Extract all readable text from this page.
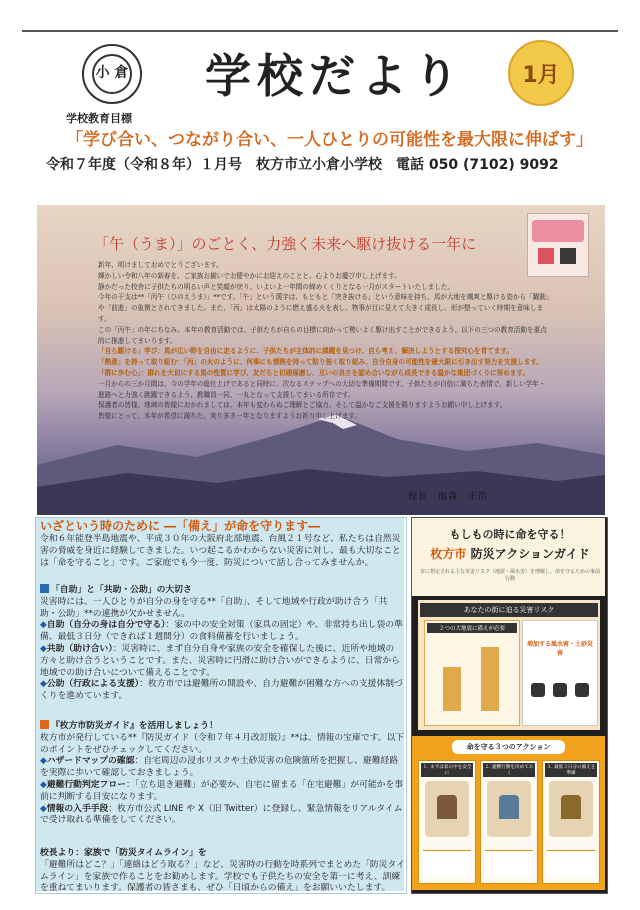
小 倉	学校だより	1月
学校教育目標
「学び合い、つながり合い、一人ひとりの可能性を最大限に伸ばす」
令和７年度（令和８年）１月号　枚方市立小倉小学校　電話 050 (7102) 9092
「午（うま）」のごとく、力強く未来へ駆け抜ける一年に

新年、明けましておめでとうございます。

輝かしい令和八年の新春を、ご家族お揃いでお健やかにお迎えのことと、心よりお慶び申し上げます。

静かだった校舎に子供たちの明るい声と笑顔が戻り、いよいよ一年間の締めくくりとなる一月がスタートいたしました。

今年の干支は**「丙午（ひのえうま）」**です。「午」という漢字は、もともと「突き抜ける」という意味を持ち、馬が大地を颯爽と駆ける姿から「躍動」や「前進」の象徴とされてきました。また、「丙」は太陽のように燃え盛る火を表し、物事が目に見えて大きく成長し、形が整っていく時期を意味します。

この「丙午」の年にちなみ、本年の教育活動では、子供たちが自らの目標に向かって勢いよく駆け出すことができるよう、以下の三つの教育活動を重点的に推進してまいります。

「自ら駆ける」学び：馬が広い野を自由に走るように、子供たちが主体的に課題を見つけ、自ら考え、解決しようとする探究心を育てます。

「熱意」を持って取り組む：「丙」の火のように、何事にも情熱を持って粘り強く取り組み、自分自身の可能性を最大限に引き出す努力を支援します。

「群に歩む心」：群れを大切にする馬の性質に学び、友だちと切磋琢磨し、互いの良さを認め合いながら成長できる温かな集団づくりに努めます。

一月からの三か月間は、今の学年の総仕上げであると同時に、次なるステップへの大切な準備期間です。子供たちが自信に満ちた表情で、新しい学年・進路へと力強く跳躍できるよう、教職員一同、一丸となって支援してまいる所存です。

保護者の皆様、地域の皆様におかれましては、本年も変わらぬご理解とご協力、そして温かなご支援を賜りますようお願い申し上げます。

皆様にとって、本年が希望に満ちた、実り多き一年となりますようお祈り申し上げます。

校長　雨森　正浩
いざという時のために ―「備え」が命を守ります―

令和６年能登半島地震や、平成３０年の大阪府北部地震、台風２１号など、私たちは自然災害の脅威を身近に経験してきました。いつ起こるかわからない災害に対し、最も大切なことは「命を守ること」です。ご家庭でも今一度、防災について話し合ってみませんか。

「自助」と「共助・公助」の大切さ

災害時には、一人ひとりが自分の身を守る**「自助」、そして地域や行政が助け合う「共助・公助」**の連携が欠かせません。

◆自助（自分の身は自分で守る）：家の中の安全対策（家具の固定）や、非常持ち出し袋の準備、最低３日分（できれば１週間分）の食料備蓄を行いましょう。

◆共助（助け合い）：災害時に、まず自分自身や家族の安全を確保した後に、近所や地域の方々と助け合うということです。また、災害時に円滑に助け合いができるように、日常から地域での助け合いについて備えることです。

◆公助（行政による支援）：枚方市では避難所の開設や、自力避難が困難な方への支援体制づくりを進めています。

『枚方市防災ガイド』を活用しましょう！

枚方市が発行している**『防災ガイド（令和７年４月改訂版）』**は、情報の宝庫です。以下のポイントをぜひチェックしてください。

◆ハザードマップの確認：自宅周辺の浸水リスクや土砂災害の危険箇所を把握し、避難経路を実際に歩いて確認しておきましょう。

◆避難行動判定フロー：「立ち退き避難」が必要か、自宅に留まる「在宅避難」が可能かを事前に判断する目安になります。

◆情報の入手手段：枚方市公式 LINE や X（旧 Twitter）に登録し、緊急情報をリアルタイムで受け取れる準備をしてください。

校長より：家族で「防災タイムライン」を

「避難所はどこ？」「連絡はどう取る？」など、災害時の行動を時系列でまとめた「防災タイムライン」を家族で作ることをお勧めします。学校でも子供たちの安全を第一に考え、訓練を重ねてまいります。保護者の皆さまも、ぜひ「日頃からの備え」をお願いいたします。

もしもの時に命を守る！
枚方市 防災アクションガイド
市に想定される主な災害リスク（地震・風水害）を理解し、命を守るための事前行動
あなたの街に迫る災害リスク
２つの大地震に備えが必要
増加する風水害・土砂災害
命を守る３つのアクション
１. まずは家の中を安全に
２. 避難行動を決めておく
３. 最低３日分の備えを準備
